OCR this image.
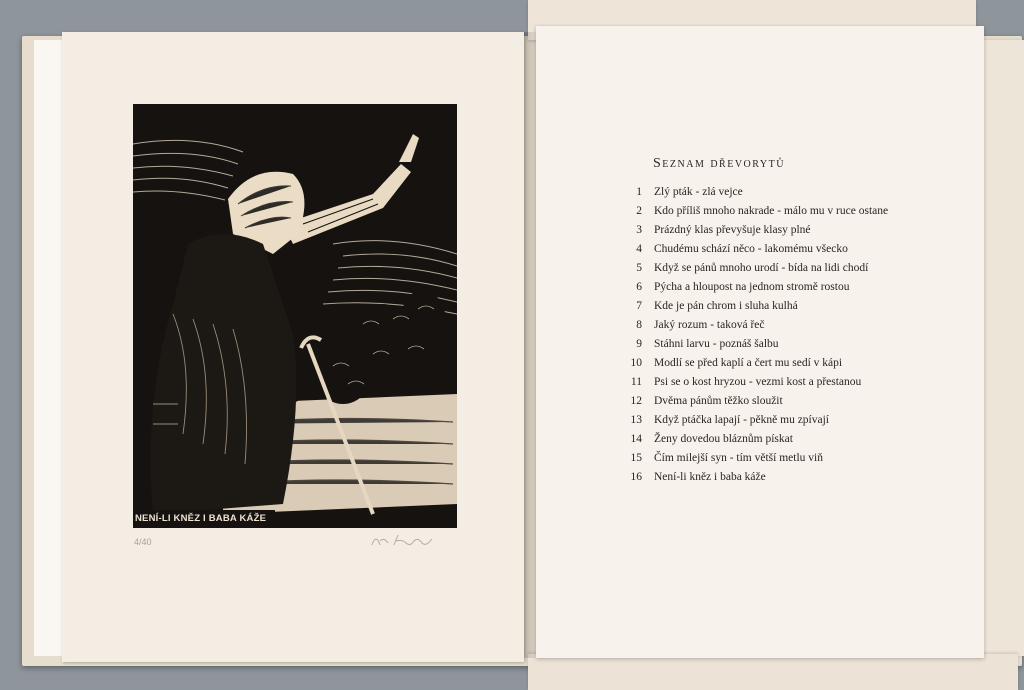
NENÍ-LI KNĚZ I BABA KÁŽE
4/40
Seznam dřevorytů
1 Zlý pták - zlá vejce
2 Kdo příliš mnoho nakrade - málo mu v ruce ostane
3 Prázdný klas převyšuje klasy plné
4 Chudému schází něco - lakomému všecko
5 Když se pánů mnoho urodí - bída na lidi chodí
6 Pýcha a hloupost na jednom stromě rostou
7 Kde je pán chrom i sluha kulhá
8 Jaký rozum - taková řeč
9 Stáhni larvu - poznáš šalbu
10 Modlí se před kaplí a čert mu sedí v kápi
11 Psi se o kost hryzou - vezmi kost a přestanou
12 Dvěma pánům těžko sloužit
13 Když ptáčka lapají - pěkně mu zpívají
14 Ženy dovedou bláznům pískat
15 Čím milejší syn - tím větší metlu viň
16 Není-li kněz i baba káže
